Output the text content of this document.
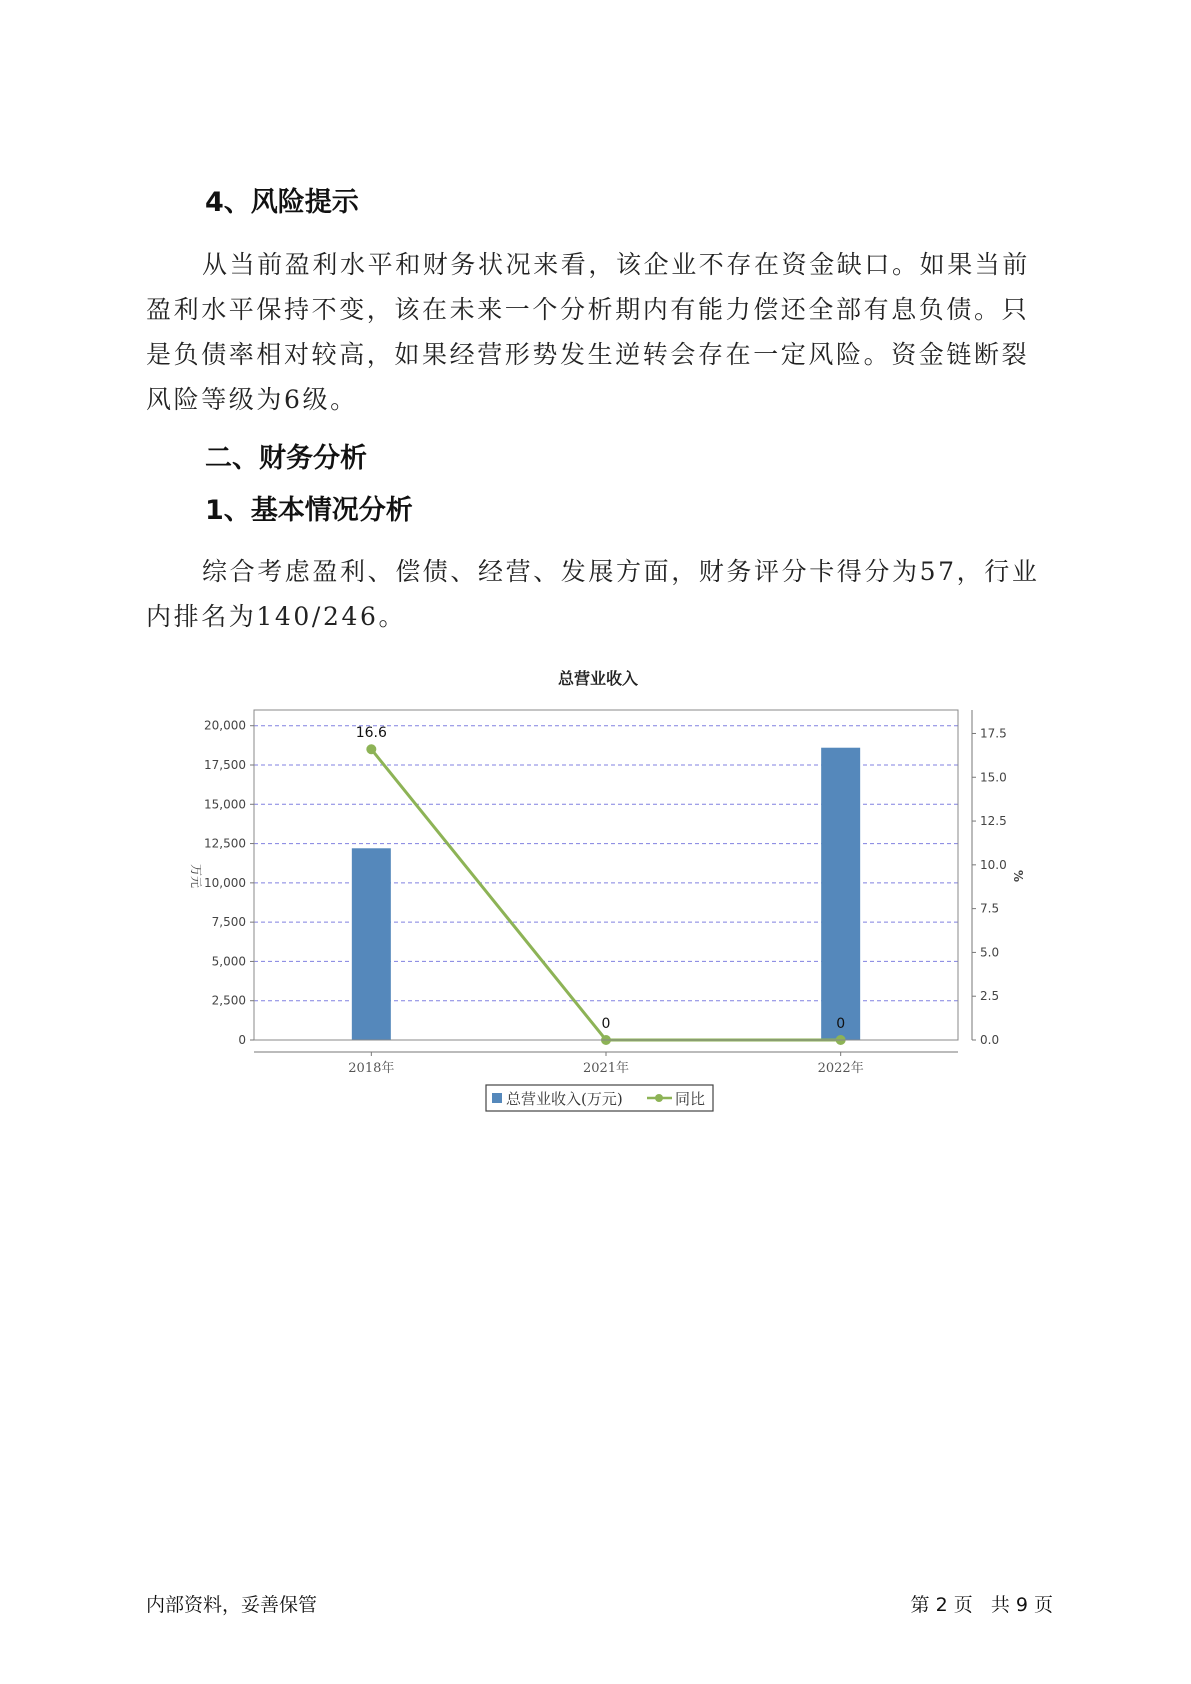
4、风险提示

从当前盈利水平和财务状况来看，该企业不存在资金缺口。如果当前盈利水平保持不变，该在未来一个分析期内有能力偿还全部有息负债。只是负债率相对较高，如果经营形势发生逆转会存在一定风险。资金链断裂风险等级为6级。

二、财务分析
1、基本情况分析

综合考虑盈利、偿债、经营、发展方面，财务评分卡得分为57，行业内排名为140/246。

总营业收入
0
2,500
5,000
7,500
10,000
12,500
15,000
17,500
20,000
0.0
2.5
5.0
7.5
10.0
12.5
15.0
17.5
2018年	2021年	2022年
16.6
0	0
万元	%
总营业收入(万元)	同比
内部资料，妥善保管	第 2 页   共 9 页
